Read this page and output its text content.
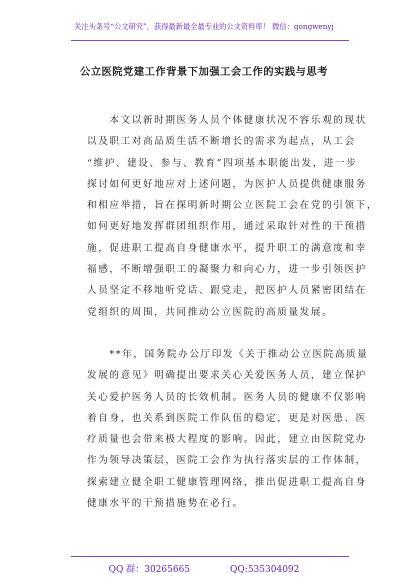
关注头条号“公文研究”，获得最新最全最专业的公文资料库！ 微信：gongwenyj
公立医院党建工作背景下加强工会工作的实践与思考
　　本文以新时期医务人员个体健康状况不容乐观的现状
以及职工对高品质生活不断增长的需求为起点，从工会
“维护、建设、参与、教育”四项基本职能出发，进一步
探讨如何更好地应对上述问题，为医护人员提供健康服务
和相应举措，旨在探明新时期公立医院工会在党的引领下，
如何更好地发挥群团组织作用，通过采取针对性的干预措
施，促进职工提高自身健康水平，提升职工的满意度和幸
福感，不断增强职工的凝聚力和向心力，进一步引领医护
人员坚定不移地听党话、跟党走，把医护人员紧密团结在
党组织的周围，共同推动公立医院的高质量发展。
　　**年，国务院办公厅印发《关于推动公立医院高质量
发展的意见》明确提出要求关心关爱医务人员，建立保护
关心爱护医务人员的长效机制。医务人员的健康不仅影响
着自身，也关系到医院工作队伍的稳定，更是对医患、医
疗质量也会带来极大程度的影响。因此，建立由医院党办
作为领导决策层，医院工会作为执行落实层的工作体制，
探索建立健全职工健康管理网络，推出促进职工提高自身
健康水平的干预措施势在必行。
QQ 群：30265665	QQ:535304092
